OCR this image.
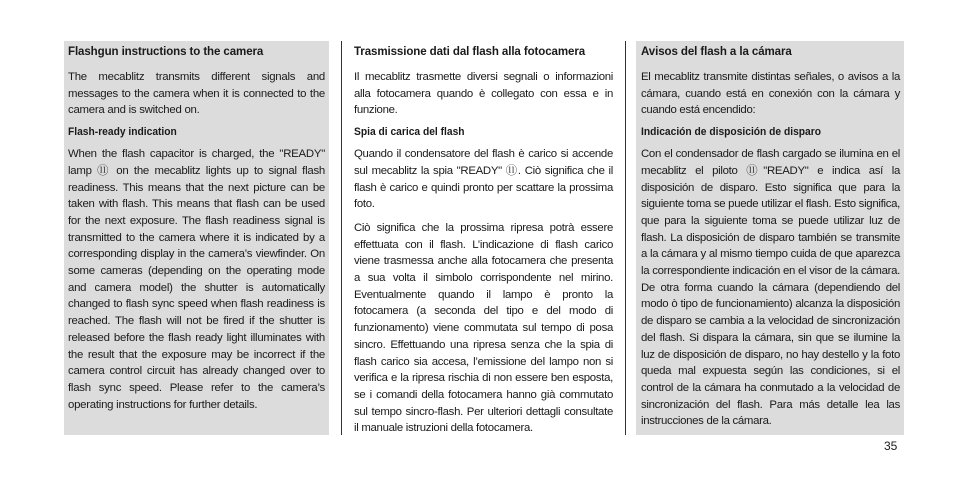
Flashgun instructions to the camera

The mecablitz transmits different signals and messages to the camera when it is connected to the camera and is switched on.

Flash-ready indication

When the flash capacitor is charged, the "READY" lamp ⑪ on the mecablitz lights up to signal flash readiness. This means that the next picture can be taken with flash. This means that flash can be used for the next exposure. The flash readiness signal is transmitted to the camera where it is indicated by a corresponding display in the camera’s viewfinder. On some cameras (depending on the operating mode and camera model) the shutter is automatically changed to flash sync speed when flash readiness is reached. The flash will not be fired if the shutter is released before the flash ready light illuminates with the result that the exposure may be incorrect if the camera control circuit has already changed over to flash sync speed. Please refer to the camera’s operating instructions for further details.

Trasmissione dati dal flash alla fotocamera

Il mecablitz trasmette diversi segnali o informazioni alla fotocamera quando è collegato con essa e in funzione.

Spia di carica del flash

Quando il condensatore del flash è carico si accende sul mecablitz la spia "READY" ⑪. Ciò significa che il flash è carico e quindi pronto per scattare la prossima foto.

Ciò significa che la prossima ripresa potrà essere effettuata con il flash. L’indicazione di flash carico viene trasmessa anche alla fotocamera che presenta a sua volta il simbolo corrispondente nel mirino. Eventualmente quando il lampo è pronto la fotocamera (a seconda del tipo e del modo di funzionamento) viene commutata sul tempo di posa sincro. Effettuando una ripresa senza che la spia di flash carico sia accesa, l’emissione del lampo non si verifica e la ripresa rischia di non essere ben esposta, se i comandi della fotocamera hanno già commutato sul tempo sincro-flash. Per ulteriori dettagli consultate il manuale istruzioni della fotocamera.

Avisos del flash a la cámara

El mecablitz transmite distintas señales, o avisos a la cámara, cuando está en conexión con la cámara y cuando está encendido:

Indicación de disposición de disparo

Con el condensador de flash cargado se ilumina en el mecablitz el piloto ⑪"READY" e indica así la disposición de disparo. Esto significa que para la siguiente toma se puede utilizar el flash. Esto significa, que para la siguiente toma se puede utilizar luz de flash. La disposición de disparo también se transmite a la cámara y al mismo tiempo cuida de que aparezca la correspondiente indicación en el visor de la cámara. De otra forma cuando la cámara (dependiendo del modo ò tipo de funcionamiento) alcanza la disposición de disparo se cambia a la velocidad de sincronización del flash. Si dispara la cámara, sin que se ilumine la luz de disposición de disparo, no hay destello y la foto queda mal expuesta según las condiciones, si el control de la cámara ha conmutado a la velocidad de sincronización del flash. Para más detalle lea las instrucciones de la cámara.

35
